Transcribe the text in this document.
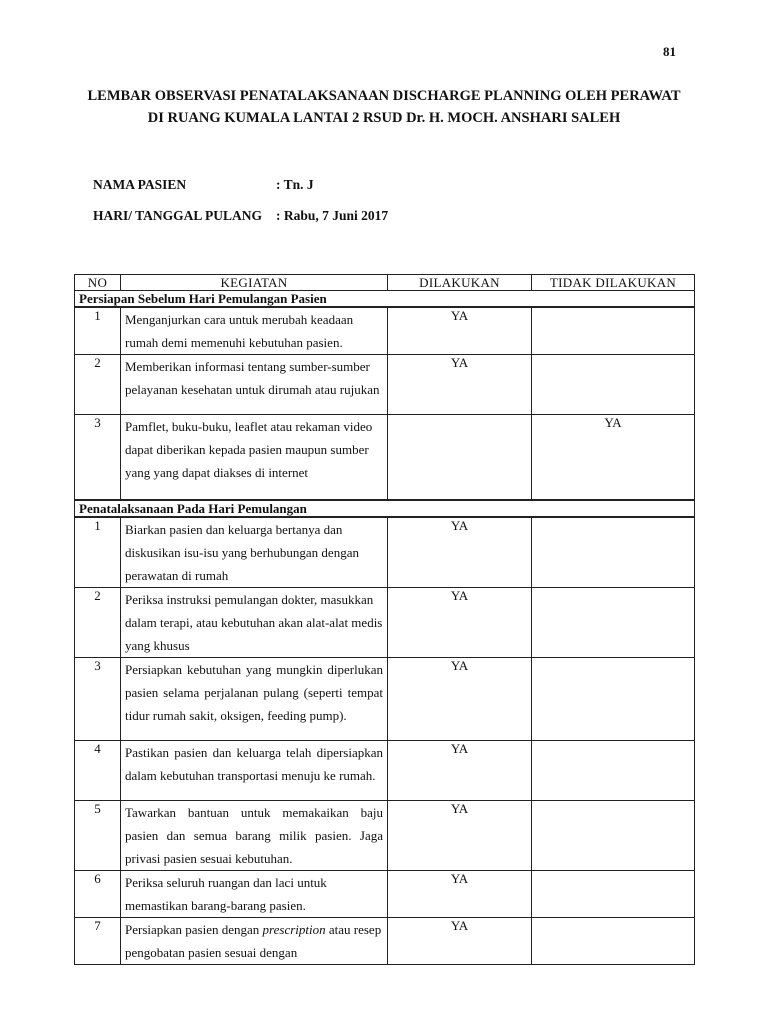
81
LEMBAR OBSERVASI PENATALAKSANAAN DISCHARGE PLANNING OLEH PERAWAT
DI RUANG KUMALA LANTAI 2 RSUD Dr. H. MOCH. ANSHARI SALEH
NAMA PASIEN	: Tn. J
HARI/ TANGGAL PULANG : Rabu, 7 Juni 2017
NO	KEGIATAN	DILAKUKAN	TIDAK DILAKUKAN
Persiapan Sebelum Hari Pemulangan Pasien			
1	Menganjurkan cara untuk merubah keadaan rumah demi memenuhi kebutuhan pasien.	YA	
2	Memberikan informasi tentang sumber-sumber pelayanan kesehatan untuk dirumah atau rujukan	YA	
3	Pamflet, buku-buku, leaflet atau rekaman video dapat diberikan kepada pasien maupun sumber yang yang dapat diakses di internet		YA
Penatalaksanaan Pada Hari Pemulangan			
1	Biarkan pasien dan keluarga bertanya dan diskusikan isu-isu yang berhubungan dengan perawatan di rumah	YA	
2	Periksa instruksi pemulangan dokter, masukkan dalam terapi, atau kebutuhan akan alat-alat medis yang khusus	YA	
3	Persiapkan kebutuhan yang mungkin diperlukan pasien selama perjalanan pulang (seperti tempat tidur rumah sakit, oksigen, feeding pump).	YA	
4	Pastikan pasien dan keluarga telah dipersiapkan dalam kebutuhan transportasi menuju ke rumah.	YA	
5	Tawarkan bantuan untuk memakaikan baju pasien dan semua barang milik pasien. Jaga privasi pasien sesuai kebutuhan.	YA	
6	Periksa seluruh ruangan dan laci untuk memastikan barang-barang pasien.	YA	
7	Persiapkan pasien dengan prescription atau resep pengobatan pasien sesuai dengan	YA	
